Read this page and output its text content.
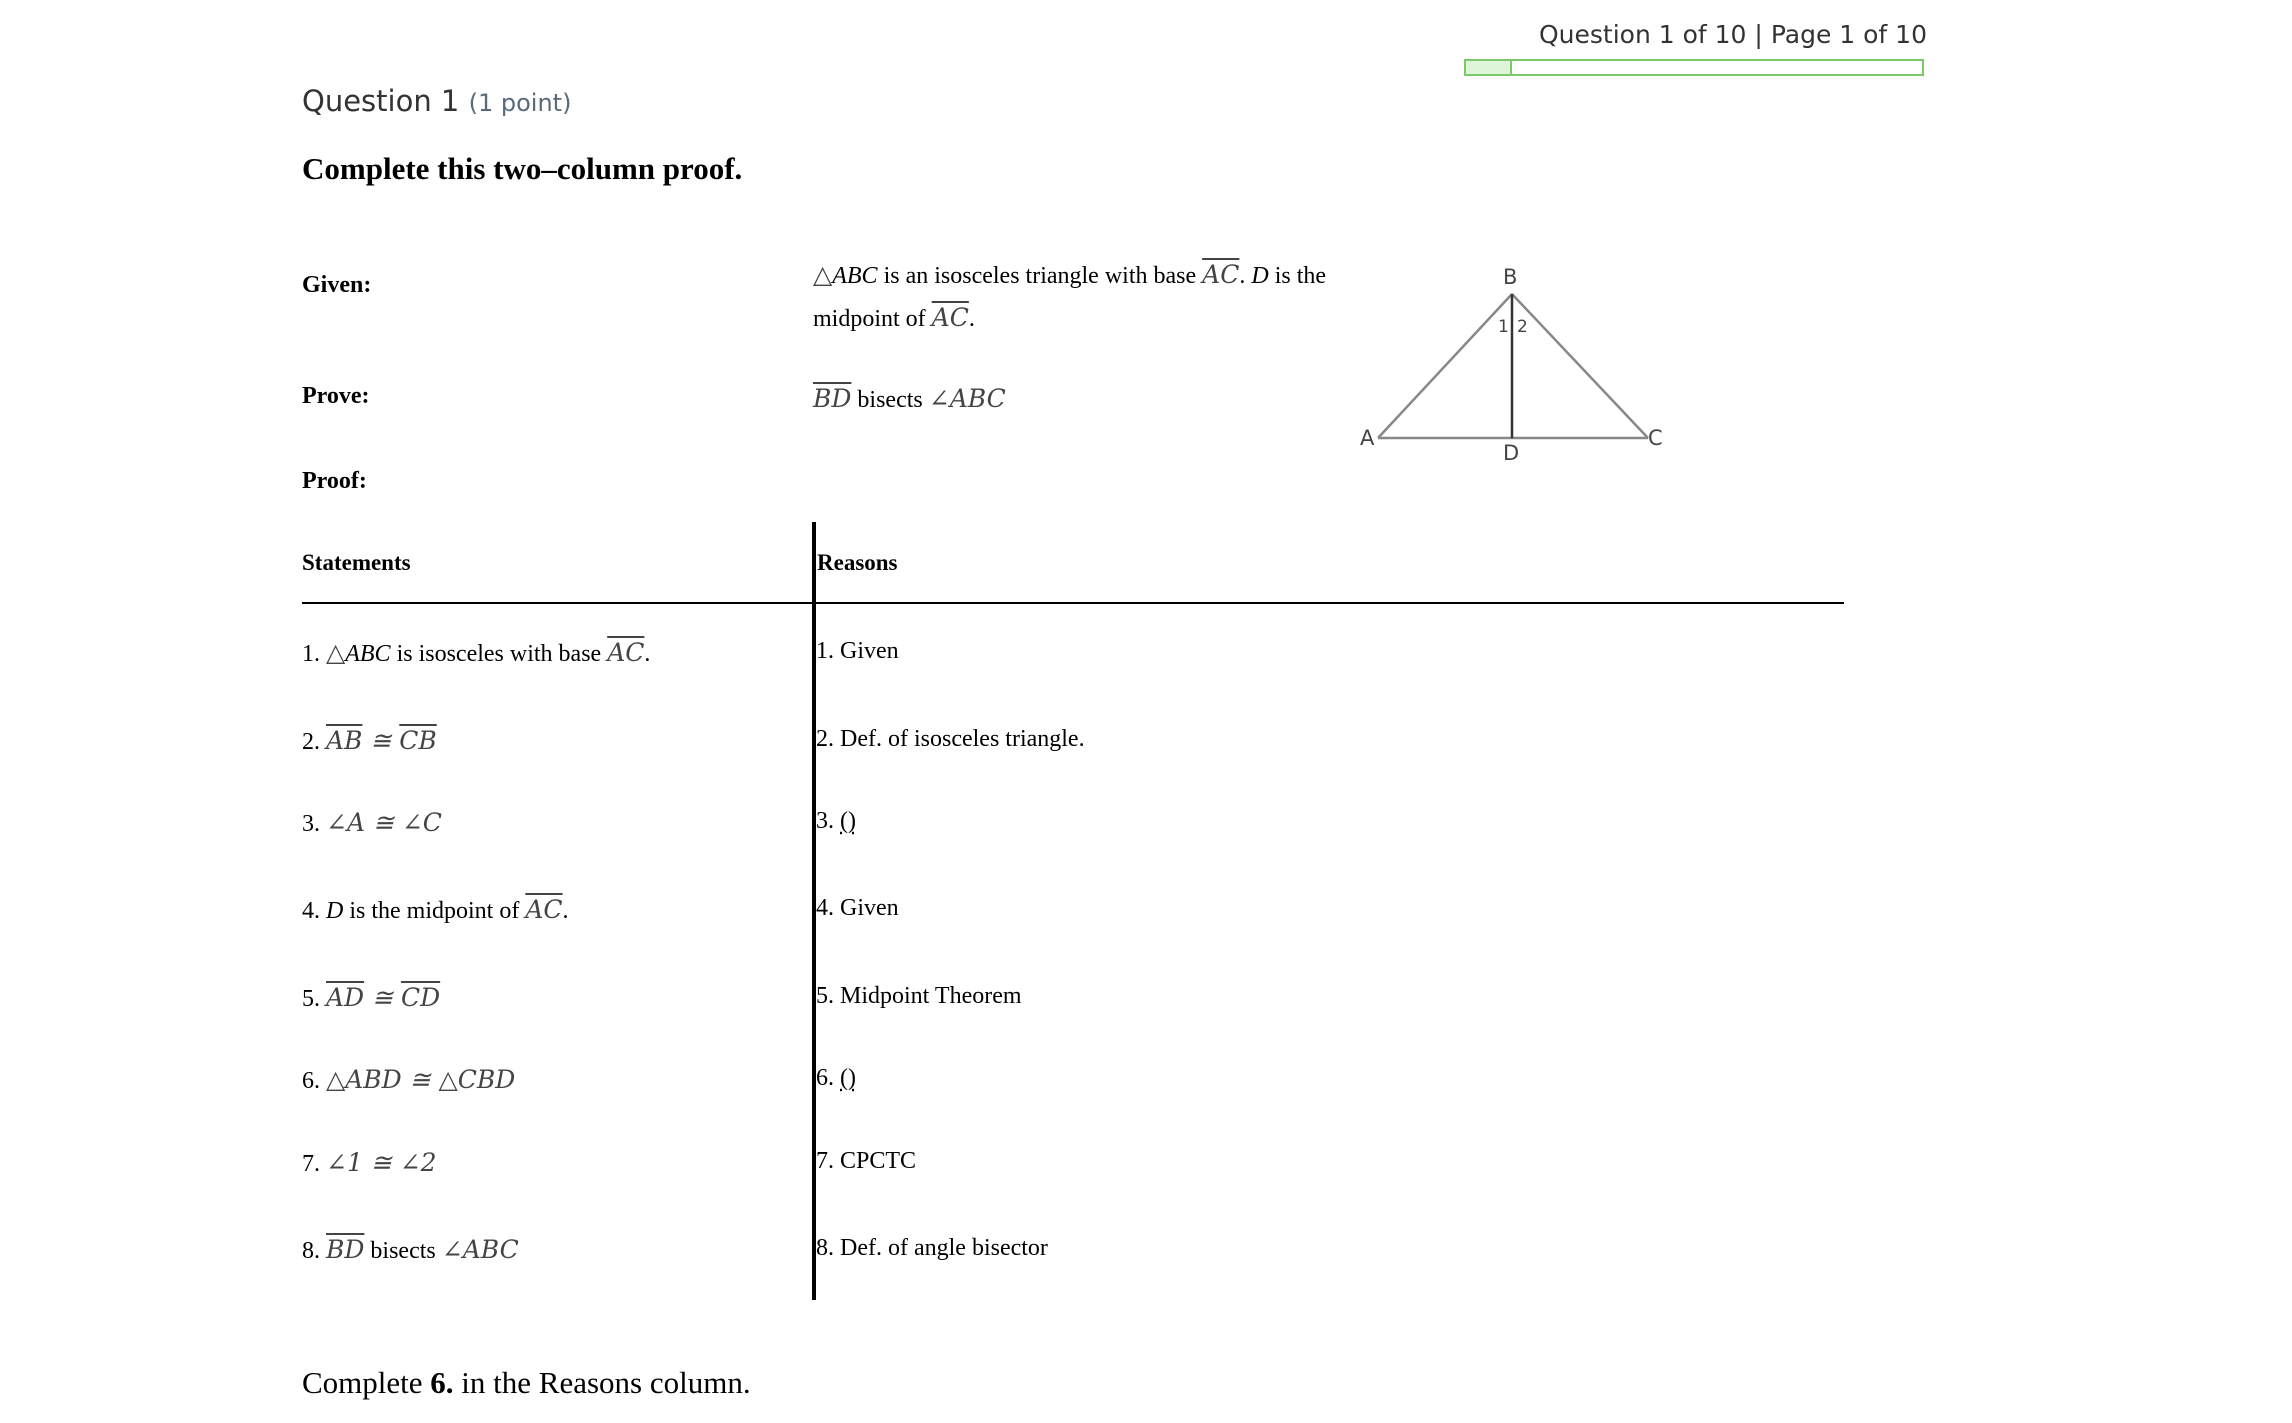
Question 1 of 10 | Page 1 of 10
Question 1 (1 point)
Complete this two–column proof.
Given:	△ABC is an isosceles triangle with base $\overline{AC}$. D is the midpoint of $\overline{AC}$.
Prove:	$\overline{BD}$ bisects ∠ABC
Proof:
B
A	C
D
1 2
Statements	Reasons
1. △ABC is isosceles with base $\overline{AC}$.	1. Given
2. $\overline{AB}$ ≅ $\overline{CB}$	2. Def. of isosceles triangle.
3. ∠A ≅ ∠C	3. ()
4. D is the midpoint of $\overline{AC}$.	4. Given
5. $\overline{AD}$ ≅ $\overline{CD}$	5. Midpoint Theorem
6. △ABD ≅ △CBD	6. ()
7. ∠1 ≅ ∠2	7. CPCTC
8. $\overline{BD}$ bisects ∠ABC	8. Def. of angle bisector
Complete 6. in the Reasons column.
